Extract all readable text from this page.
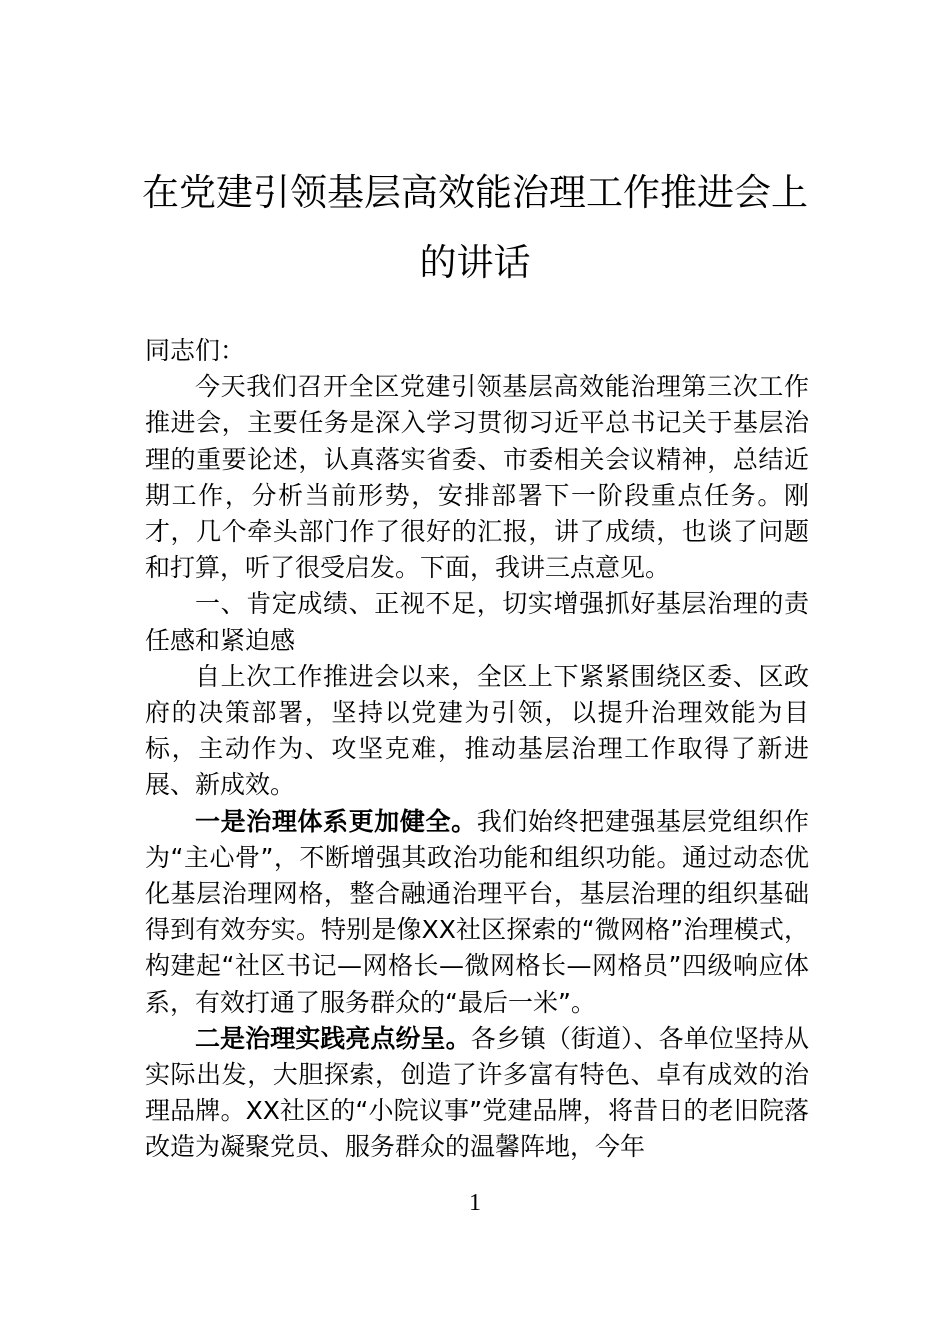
在党建引领基层高效能治理工作推进会上
的讲话

同志们：

今天我们召开全区党建引领基层高效能治理第三次工作推进会，主要任务是深入学习贯彻习近平总书记关于基层治理的重要论述，认真落实省委、市委相关会议精神，总结近期工作，分析当前形势，安排部署下一阶段重点任务。刚才，几个牵头部门作了很好的汇报，讲了成绩，也谈了问题和打算，听了很受启发。下面，我讲三点意见。

一、肯定成绩、正视不足，切实增强抓好基层治理的责任感和紧迫感

自上次工作推进会以来，全区上下紧紧围绕区委、区政府的决策部署，坚持以党建为引领，以提升治理效能为目标，主动作为、攻坚克难，推动基层治理工作取得了新进展、新成效。

一是治理体系更加健全。我们始终把建强基层党组织作为“主心骨”，不断增强其政治功能和组织功能。通过动态优化基层治理网格，整合融通治理平台，基层治理的组织基础得到有效夯实。特别是像XX社区探索的“微网格”治理模式，构建起“社区书记—网格长—微网格长—网格员”四级响应体系，有效打通了服务群众的“最后一米”。

二是治理实践亮点纷呈。各乡镇（街道）、各单位坚持从实际出发，大胆探索，创造了许多富有特色、卓有成效的治理品牌。XX社区的“小院议事”党建品牌，将昔日的老旧院落改造为凝聚党员、服务群众的温馨阵地，今年

1
